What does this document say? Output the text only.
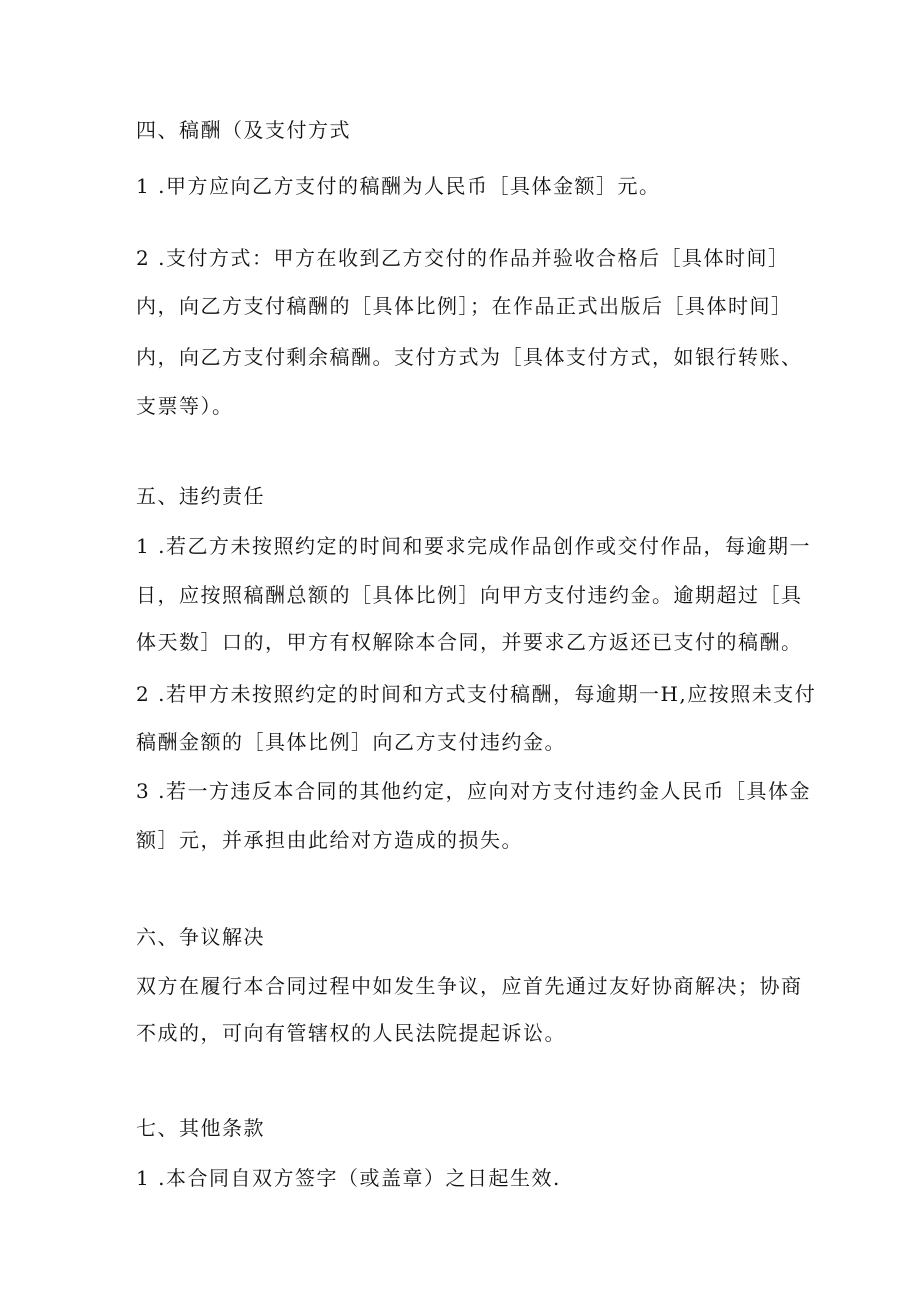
四、稿酬（及支付方式
1 .甲方应向乙方支付的稿酬为人民币［具体金额］元。
2 .支付方式：甲方在收到乙方交付的作品并验收合格后［具体时间］
内，向乙方支付稿酬的［具体比例］；在作品正式出版后［具体时间］
内，向乙方支付剩余稿酬。支付方式为［具体支付方式，如银行转账、
支票等）。
五、违约责任
1 .若乙方未按照约定的时间和要求完成作品创作或交付作品，每逾期一
日，应按照稿酬总额的［具体比例］向甲方支付违约金。逾期超过［具
体天数］口的，甲方有权解除本合同，并要求乙方返还已支付的稿酬。
2 .若甲方未按照约定的时间和方式支付稿酬，每逾期一H,应按照未支付
稿酬金额的［具体比例］向乙方支付违约金。
3 .若一方违反本合同的其他约定，应向对方支付违约金人民币［具体金
额］元，并承担由此给对方造成的损失。
六、争议解决
双方在履行本合同过程中如发生争议，应首先通过友好协商解决；协商
不成的，可向有管辖权的人民法院提起诉讼。
七、其他条款
1 .本合同自双方签字（或盖章）之日起生效.
